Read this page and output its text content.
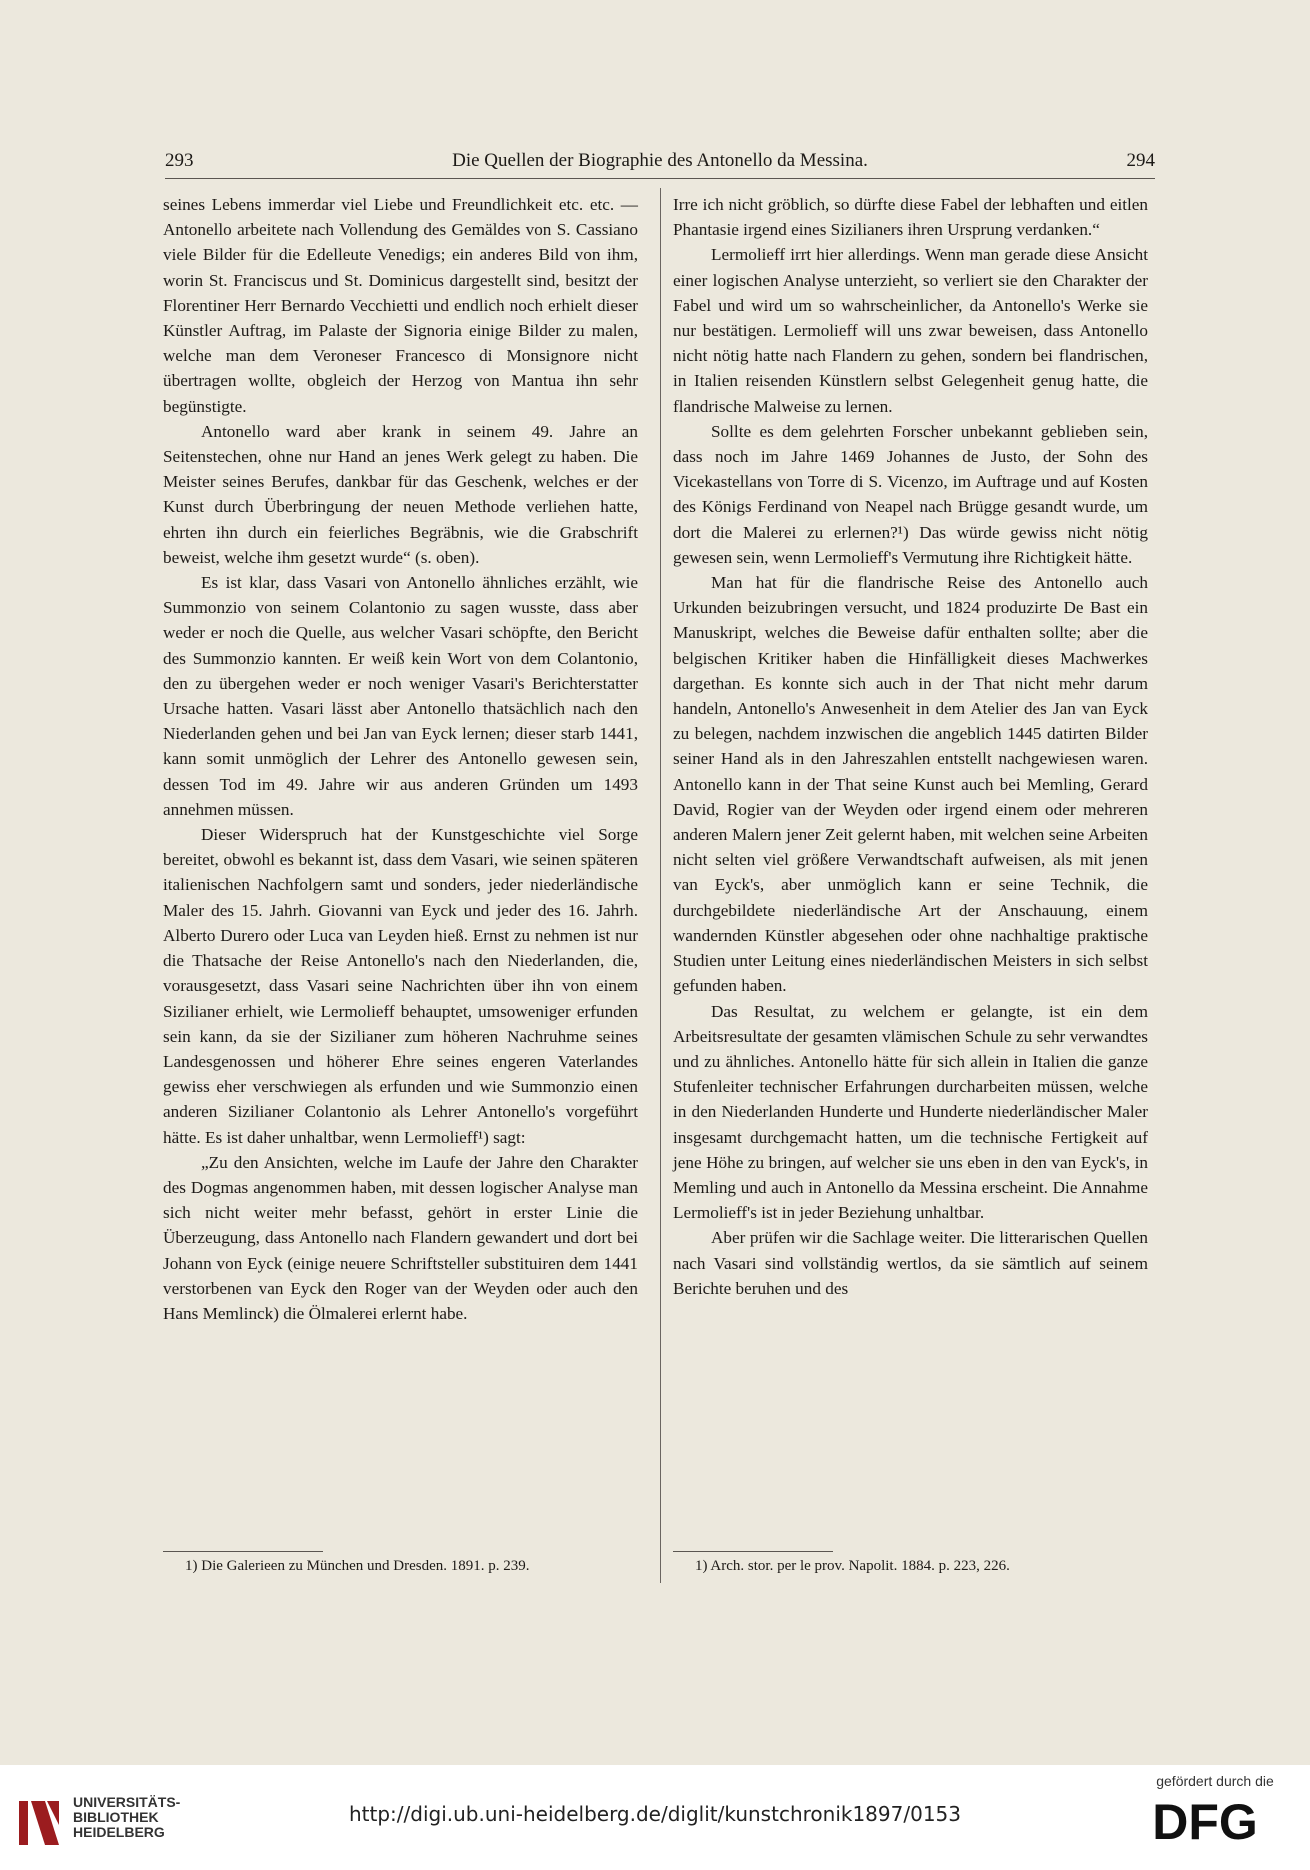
293	Die Quellen der Biographie des Antonello da Messina.	294

seines Lebens immerdar viel Liebe und Freundlichkeit etc. etc. — Antonello arbeitete nach Vollendung des Gemäldes von S. Cassiano viele Bilder für die Edelleute Venedigs; ein anderes Bild von ihm, worin St. Franciscus und St. Dominicus dargestellt sind, besitzt der Florentiner Herr Bernardo Vecchietti und endlich noch erhielt dieser Künstler Auftrag, im Palaste der Signoria einige Bilder zu malen, welche man dem Veroneser Francesco di Monsignore nicht übertragen wollte, obgleich der Herzog von Mantua ihn sehr begünstigte.

Antonello ward aber krank in seinem 49. Jahre an Seitenstechen, ohne nur Hand an jenes Werk gelegt zu haben. Die Meister seines Berufes, dankbar für das Geschenk, welches er der Kunst durch Überbringung der neuen Methode verliehen hatte, ehrten ihn durch ein feierliches Begräbnis, wie die Grabschrift beweist, welche ihm gesetzt wurde“ (s. oben).

Es ist klar, dass Vasari von Antonello ähnliches erzählt, wie Summonzio von seinem Colantonio zu sagen wusste, dass aber weder er noch die Quelle, aus welcher Vasari schöpfte, den Bericht des Summonzio kannten. Er weiß kein Wort von dem Colantonio, den zu übergehen weder er noch weniger Vasari's Berichterstatter Ursache hatten. Vasari lässt aber Antonello thatsächlich nach den Niederlanden gehen und bei Jan van Eyck lernen; dieser starb 1441, kann somit unmöglich der Lehrer des Antonello gewesen sein, dessen Tod im 49. Jahre wir aus anderen Gründen um 1493 annehmen müssen.

Dieser Widerspruch hat der Kunstgeschichte viel Sorge bereitet, obwohl es bekannt ist, dass dem Vasari, wie seinen späteren italienischen Nachfolgern samt und sonders, jeder niederländische Maler des 15. Jahrh. Giovanni van Eyck und jeder des 16. Jahrh. Alberto Durero oder Luca van Leyden hieß. Ernst zu nehmen ist nur die Thatsache der Reise Antonello's nach den Niederlanden, die, vorausgesetzt, dass Vasari seine Nachrichten über ihn von einem Sizilianer erhielt, wie Lermolieff behauptet, umsoweniger erfunden sein kann, da sie der Sizilianer zum höheren Nachruhme seines Landesgenossen und höherer Ehre seines engeren Vaterlandes gewiss eher verschwiegen als erfunden und wie Summonzio einen anderen Sizilianer Colantonio als Lehrer Antonello's vorgeführt hätte. Es ist daher unhaltbar, wenn Lermolieff¹) sagt:

„Zu den Ansichten, welche im Laufe der Jahre den Charakter des Dogmas angenommen haben, mit dessen logischer Analyse man sich nicht weiter mehr befasst, gehört in erster Linie die Überzeugung, dass Antonello nach Flandern gewandert und dort bei Johann von Eyck (einige neuere Schriftsteller substituiren dem 1441 verstorbenen van Eyck den Roger van der Weyden oder auch den Hans Memlinck) die Ölmalerei erlernt habe.

Irre ich nicht gröblich, so dürfte diese Fabel der lebhaften und eitlen Phantasie irgend eines Sizilianers ihren Ursprung verdanken.“

Lermolieff irrt hier allerdings. Wenn man gerade diese Ansicht einer logischen Analyse unterzieht, so verliert sie den Charakter der Fabel und wird um so wahrscheinlicher, da Antonello's Werke sie nur bestätigen. Lermolieff will uns zwar beweisen, dass Antonello nicht nötig hatte nach Flandern zu gehen, sondern bei flandrischen, in Italien reisenden Künstlern selbst Gelegenheit genug hatte, die flandrische Malweise zu lernen.

Sollte es dem gelehrten Forscher unbekannt geblieben sein, dass noch im Jahre 1469 Johannes de Justo, der Sohn des Vicekastellans von Torre di S. Vicenzo, im Auftrage und auf Kosten des Königs Ferdinand von Neapel nach Brügge gesandt wurde, um dort die Malerei zu erlernen?¹) Das würde gewiss nicht nötig gewesen sein, wenn Lermolieff's Vermutung ihre Richtigkeit hätte.

Man hat für die flandrische Reise des Antonello auch Urkunden beizubringen versucht, und 1824 produzirte De Bast ein Manuskript, welches die Beweise dafür enthalten sollte; aber die belgischen Kritiker haben die Hinfälligkeit dieses Machwerkes dargethan. Es konnte sich auch in der That nicht mehr darum handeln, Antonello's Anwesenheit in dem Atelier des Jan van Eyck zu belegen, nachdem inzwischen die angeblich 1445 datirten Bilder seiner Hand als in den Jahreszahlen entstellt nachgewiesen waren. Antonello kann in der That seine Kunst auch bei Memling, Gerard David, Rogier van der Weyden oder irgend einem oder mehreren anderen Malern jener Zeit gelernt haben, mit welchen seine Arbeiten nicht selten viel größere Verwandtschaft aufweisen, als mit jenen van Eyck's, aber unmöglich kann er seine Technik, die durchgebildete niederländische Art der Anschauung, einem wandernden Künstler abgesehen oder ohne nachhaltige praktische Studien unter Leitung eines niederländischen Meisters in sich selbst gefunden haben.

Das Resultat, zu welchem er gelangte, ist ein dem Arbeitsresultate der gesamten vlämischen Schule zu sehr verwandtes und zu ähnliches. Antonello hätte für sich allein in Italien die ganze Stufenleiter technischer Erfahrungen durcharbeiten müssen, welche in den Niederlanden Hunderte und Hunderte niederländischer Maler insgesamt durchgemacht hatten, um die technische Fertigkeit auf jene Höhe zu bringen, auf welcher sie uns eben in den van Eyck's, in Memling und auch in Antonello da Messina erscheint. Die Annahme Lermolieff's ist in jeder Beziehung unhaltbar.

Aber prüfen wir die Sachlage weiter. Die litterarischen Quellen nach Vasari sind vollständig wertlos, da sie sämtlich auf seinem Berichte beruhen und des

1) Die Galerieen zu München und Dresden. 1891. p. 239.	1) Arch. stor. per le prov. Napolit. 1884. p. 223, 226.
UNIVERSITÄTS-
BIBLIOTHEK
HEIDELBERG
http://digi.ub.uni-heidelberg.de/diglit/kunstchronik1897/0153
gefördert durch die
DFG
